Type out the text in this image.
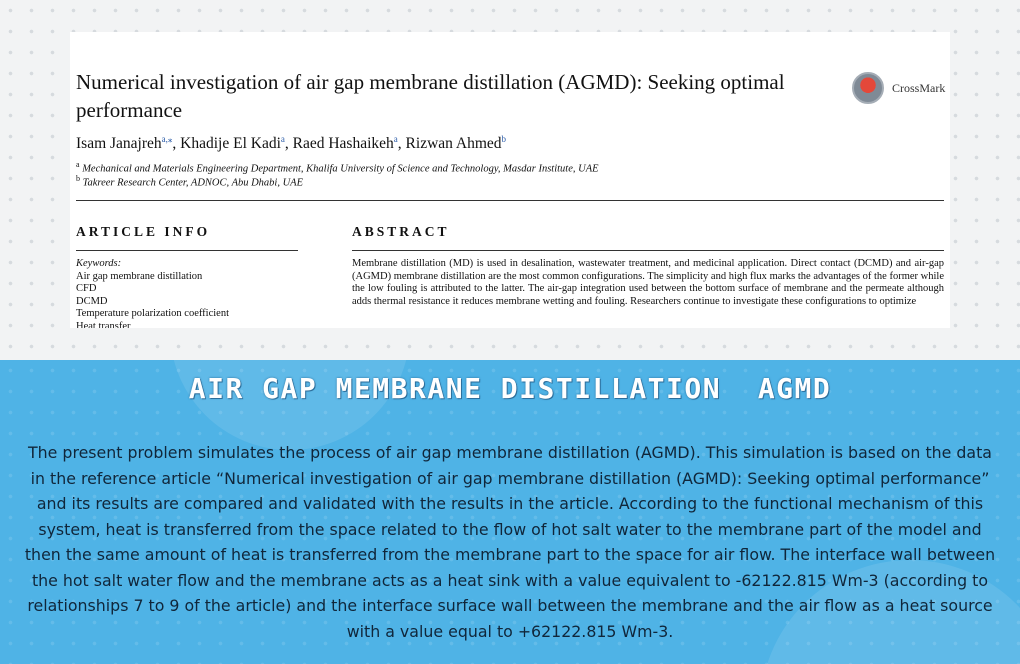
Numerical investigation of air gap membrane distillation (AGMD): Seeking optimal performance
CrossMark
Isam Janajreh$^{a,⁎}$, Khadije El Kadi$^a$, Raed Hashaikeh$^a$, Rizwan Ahmed$^b$
$^a$ Mechanical and Materials Engineering Department, Khalifa University of Science and Technology, Masdar Institute, UAE
$^b$ Takreer Research Center, ADNOC, Abu Dhabi, UAE
ARTICLE INFO	ABSTRACT
Keywords:
Air gap membrane distillation
CFD
DCMD
Temperature polarization coefficient
Heat transfer
Membrane distillation (MD) is used in desalination, wastewater treatment, and medicinal application. Direct contact (DCMD) and air-gap (AGMD) membrane distillation are the most common configurations. The simplicity and high flux marks the advantages of the former while the low fouling is attributed to the latter. The air-gap integration used between the bottom surface of membrane and the permeate although adds thermal resistance it reduces membrane wetting and fouling. Researchers continue to investigate these configurations to optimize
AIR GAP MEMBRANE DISTILLATION  AGMD

The present problem simulates the process of air gap membrane distillation (AGMD). This simulation is based on the data in the reference article “Numerical investigation of air gap membrane distillation (AGMD): Seeking optimal performance” and its results are compared and validated with the results in the article. According to the functional mechanism of this system, heat is transferred from the space related to the flow of hot salt water to the membrane part of the model and then the same amount of heat is transferred from the membrane part to the space for air flow. The interface wall between the hot salt water flow and the membrane acts as a heat sink with a value equivalent to -62122.815 Wm-3 (according to relationships 7 to 9 of the article) and the interface surface wall between the membrane and the air flow as a heat source with a value equal to +62122.815 Wm-3.
